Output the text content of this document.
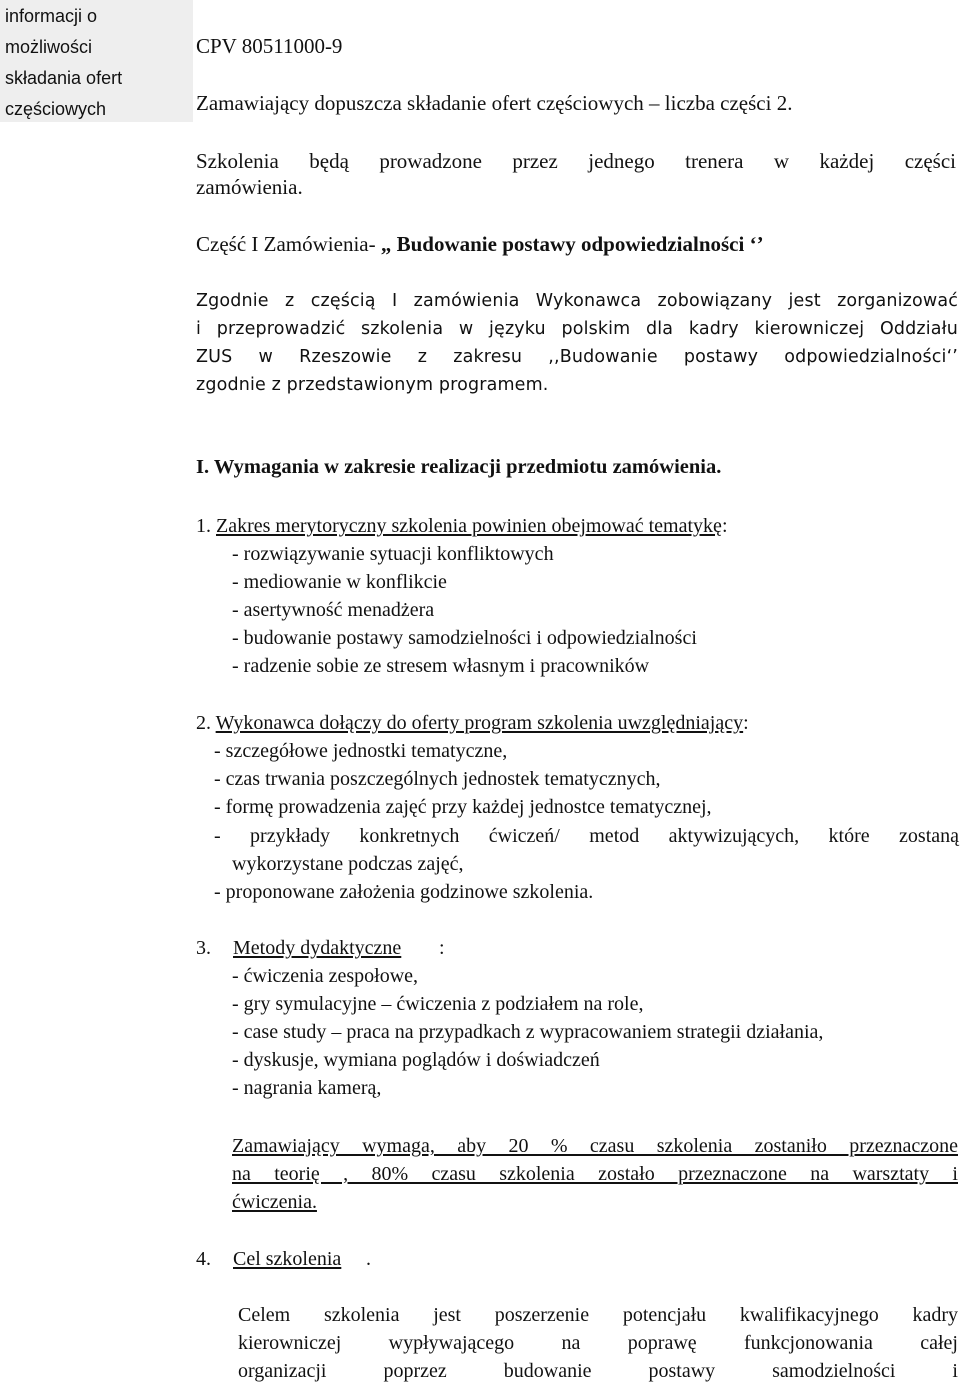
informacji o
możliwości
składania ofert
częściowych
CPV 80511000-9
Zamawiający dopuszcza składanie ofert częściowych – liczba części 2.
Szkolenia będą prowadzone przez jednego trenera w każdej części
zamówienia.
Część I Zamówienia- „ Budowanie postawy odpowiedzialności ‘’
Zgodnie z częścią I zamówienia Wykonawca zobowiązany jest zorganizować
i przeprowadzić szkolenia w języku polskim dla kadry kierowniczej Oddziału
ZUS w Rzeszowie z zakresu ,,Budowanie postawy odpowiedzialności‘’
zgodnie z przedstawionym programem.
I. Wymagania w zakresie realizacji przedmiotu zamówienia.
1. Zakres merytoryczny szkolenia powinien obejmować tematykę:
- rozwiązywanie sytuacji konfliktowych
- mediowanie w konflikcie
- asertywność menadżera
- budowanie postawy samodzielności i odpowiedzialności
- radzenie sobie ze stresem własnym i pracowników
2. Wykonawca dołączy do oferty program szkolenia uwzględniający:
- szczegółowe jednostki tematyczne,
- czas trwania poszczególnych jednostek tematycznych,
- formę prowadzenia zajęć przy każdej jednostce tematycznej,
- przykłady konkretnych ćwiczeń/ metod aktywizujących, które zostaną
wykorzystane podczas zajęć,
- proponowane założenia godzinowe szkolenia.
3. Metody dydaktyczne :
- ćwiczenia zespołowe,
- gry symulacyjne – ćwiczenia z podziałem na role,
- case study – praca na przypadkach z wypracowaniem strategii działania,
- dyskusje, wymiana poglądów i doświadczeń
- nagrania kamerą,
Zamawiający wymaga, aby 20 % czasu szkolenia zostaniło przeznaczone
na teorię , 80% czasu szkolenia zostało przeznaczone na warsztaty i
ćwiczenia.
4. Cel szkolenia .
Celem szkolenia jest poszerzenie potencjału kwalifikacyjnego kadry
kierowniczej wypływającego na poprawę funkcjonowania całej
organizacji poprzez budowanie postawy samodzielności i
